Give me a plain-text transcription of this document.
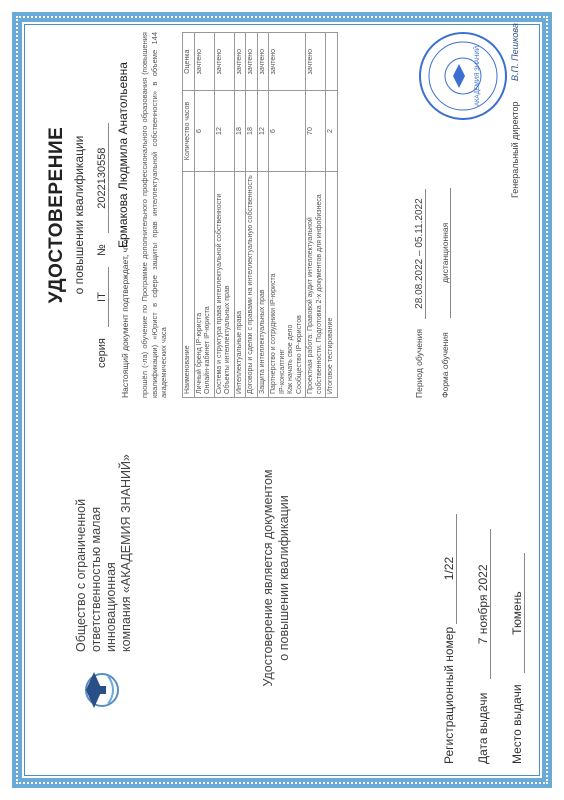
Общество с ограниченной ответственностью малая инновационная компания «АКАДЕМИЯ ЗНАНИЙ»	Удостоверение является документом о повышении квалификации
Регистрационный номер 1/22
Дата выдачи 7 ноября 2022
Место выдачи Тюмень
УДОСТОВЕРЕНИЕ о повышении квалификации
серия IT № 2022130558
Настоящий документ подтверждает, что
Ермакова Людмила Анатольевна прошёл (-ла) обучение по Программе дополнительного профессионального образования (повышения квалификации) «Юрист в сфере защиты прав интеллектуальной собственности» в объеме 144 академических часа Наименование	Количество часов	Оценка
Личный бренд IP-юриста
Онлайн-кабинет IP-юриста	6	зачтено
Система и структура права интеллектуальной собственности
Объекты интеллектуальных прав	12	зачтено
Интеллектуальные права	18	зачтено
Договоры и сделки с правами на интеллектуальную собственность	18	зачтено
Защита интеллектуальных прав	12	зачтено
Партнерство и сотрудники IP-юриста
IP-консалтинг
Как начать свое дело
Сообщество IP-юристов	6	зачтено
Проектная работа: Правовой аудит интеллектуальной собственности. Подготовка 2-х документов для инфобизнеса	70	зачтено
Итоговое тестирование	2	
Период обучения 28.08.2022 – 05.11.2022
Форма обучения дистанционная
АКАДЕМИЯ ЗНАНИЙ
Генеральный директор В.П. Пешкова
